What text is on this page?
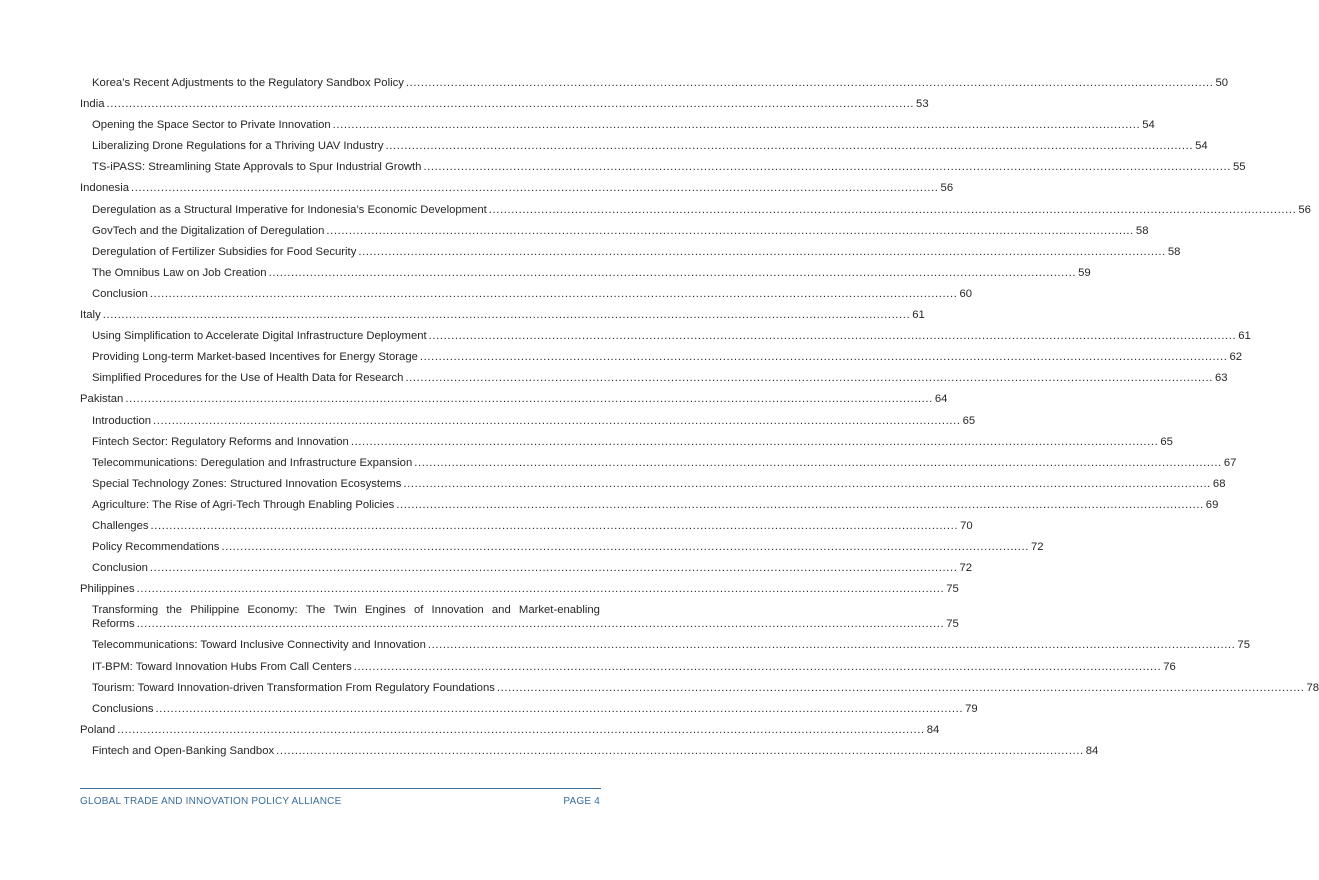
Korea’s Recent Adjustments to the Regulatory Sandbox Policy .....	50
India .....	53
Opening the Space Sector to Private Innovation .....	54
Liberalizing Drone Regulations for a Thriving UAV Industry .....	54
TS-iPASS: Streamlining State Approvals to Spur Industrial Growth .....	55
Indonesia .....	56
Deregulation as a Structural Imperative for Indonesia’s Economic Development .....	56
GovTech and the Digitalization of Deregulation .....	58
Deregulation of Fertilizer Subsidies for Food Security .....	58
The Omnibus Law on Job Creation .....	59
Conclusion .....	60
Italy .....	61
Using Simplification to Accelerate Digital Infrastructure Deployment .....	61
Providing Long-term Market-based Incentives for Energy Storage .....	62
Simplified Procedures for the Use of Health Data for Research .....	63
Pakistan .....	64
Introduction .....	65
Fintech Sector: Regulatory Reforms and Innovation .....	65
Telecommunications: Deregulation and Infrastructure Expansion .....	67
Special Technology Zones: Structured Innovation Ecosystems .....	68
Agriculture: The Rise of Agri-Tech Through Enabling Policies .....	69
Challenges .....	70
Policy Recommendations .....	72
Conclusion .....	72
Philippines .....	75
Transforming the Philippine Economy: The Twin Engines of Innovation and Market-enabling
Reforms .....	75
Telecommunications: Toward Inclusive Connectivity and Innovation .....	75
IT-BPM: Toward Innovation Hubs From Call Centers .....	76
Tourism: Toward Innovation-driven Transformation From Regulatory Foundations .....	78
Conclusions .....	79
Poland .....	84
Fintech and Open-Banking Sandbox .....	84
GLOBAL TRADE AND INNOVATION POLICY ALLIANCE	PAGE 4
